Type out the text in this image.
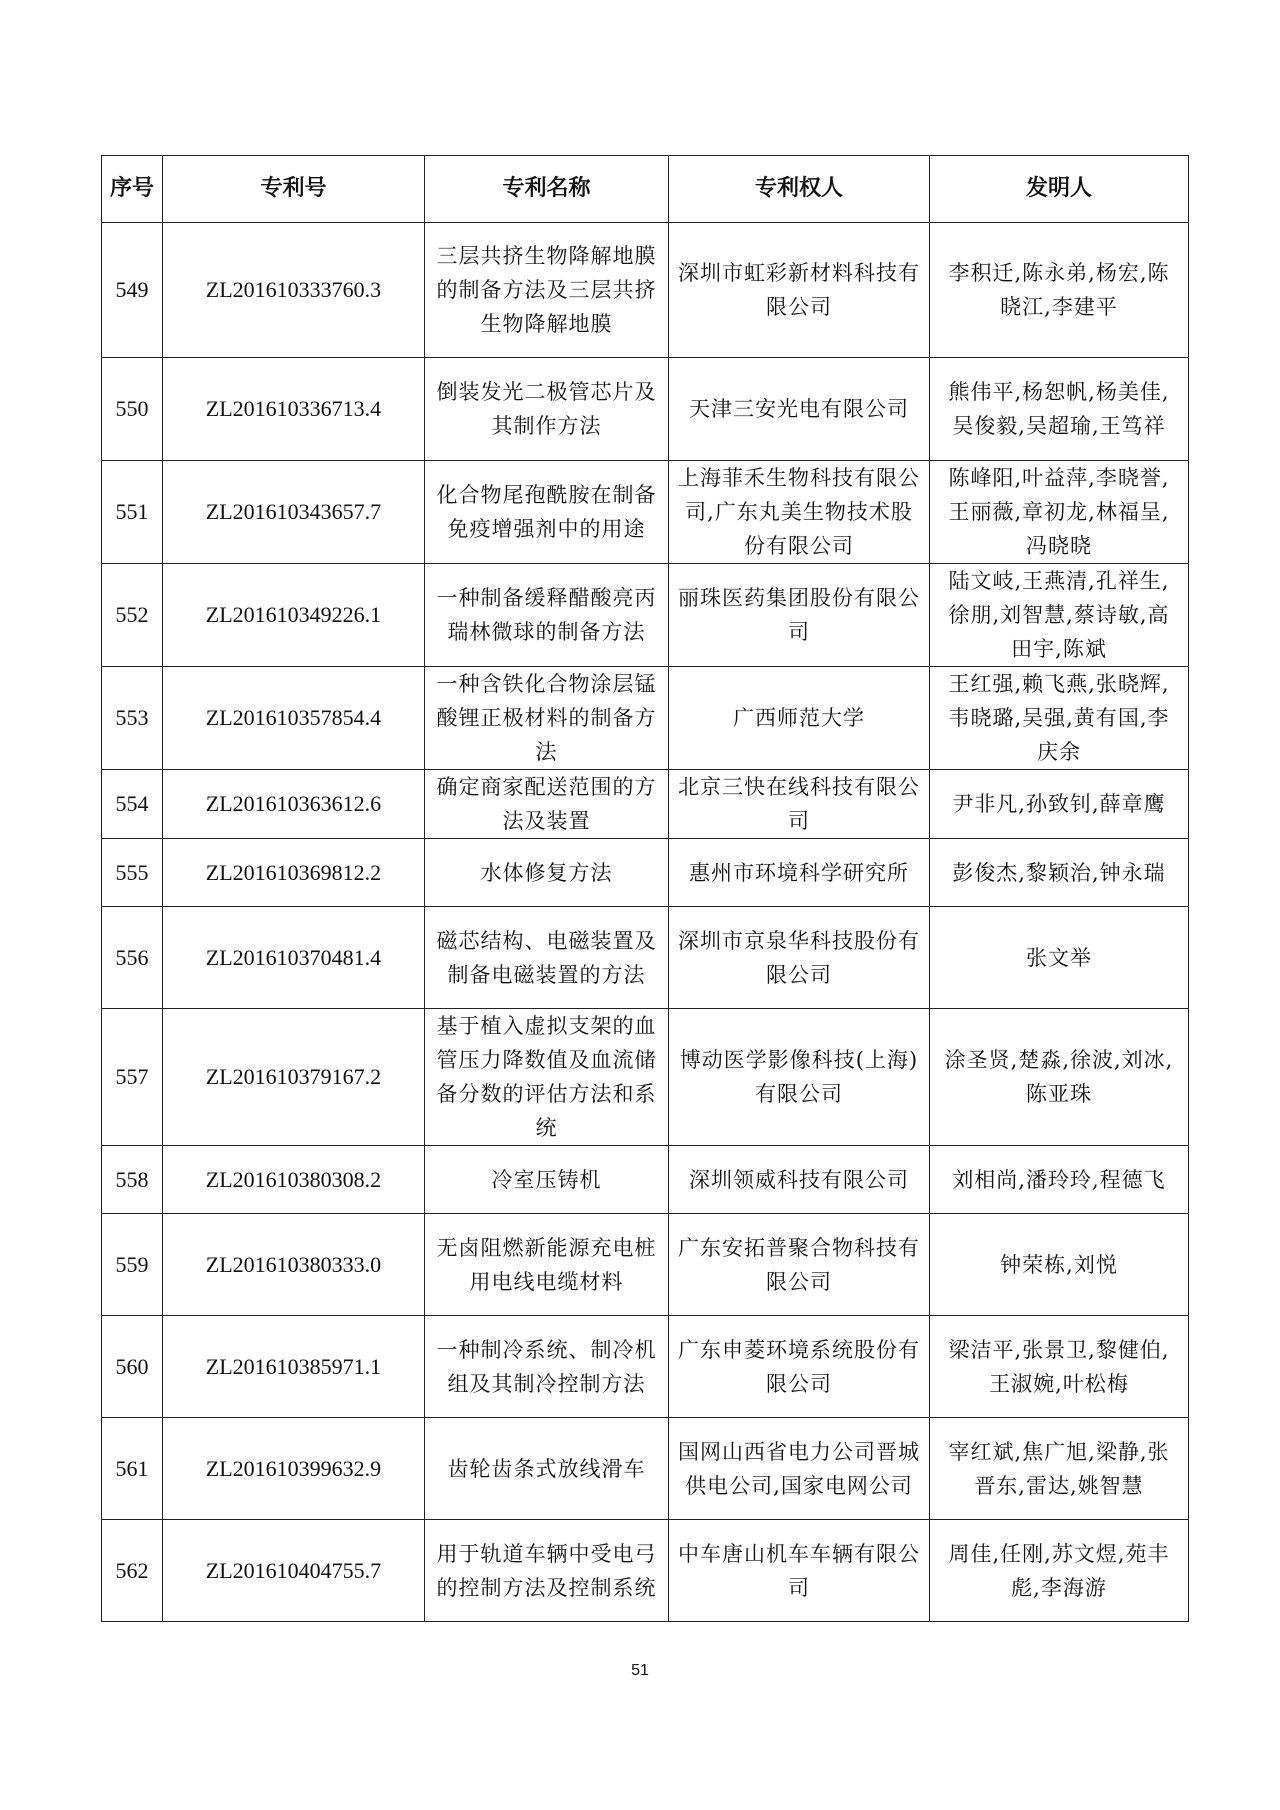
序号	专利号	专利名称	专利权人	发明人
549	ZL201610333760.3	三层共挤生物降解地膜的制备方法及三层共挤生物降解地膜	深圳市虹彩新材料科技有限公司	李积迁,陈永弟,杨宏,陈晓江,李建平
550	ZL201610336713.4	倒装发光二极管芯片及其制作方法	天津三安光电有限公司	熊伟平,杨恕帆,杨美佳,吴俊毅,吴超瑜,王笃祥
551	ZL201610343657.7	化合物尾孢酰胺在制备免疫增强剂中的用途	上海菲禾生物科技有限公司,广东丸美生物技术股份有限公司	陈峰阳,叶益萍,李晓誉,王丽薇,章初龙,林福呈,冯晓晓
552	ZL201610349226.1	一种制备缓释醋酸亮丙瑞林微球的制备方法	丽珠医药集团股份有限公司	陆文岐,王燕清,孔祥生,徐朋,刘智慧,蔡诗敏,高田宇,陈斌
553	ZL201610357854.4	一种含铁化合物涂层锰酸锂正极材料的制备方法	广西师范大学	王红强,赖飞燕,张晓辉,韦晓璐,吴强,黄有国,李庆余
554	ZL201610363612.6	确定商家配送范围的方法及装置	北京三快在线科技有限公司	尹非凡,孙致钊,薛章鹰
555	ZL201610369812.2	水体修复方法	惠州市环境科学研究所	彭俊杰,黎颖治,钟永瑞
556	ZL201610370481.4	磁芯结构、电磁装置及制备电磁装置的方法	深圳市京泉华科技股份有限公司	张文举
557	ZL201610379167.2	基于植入虚拟支架的血管压力降数值及血流储备分数的评估方法和系统	博动医学影像科技(上海)有限公司	涂圣贤,楚淼,徐波,刘冰,陈亚珠
558	ZL201610380308.2	冷室压铸机	深圳领威科技有限公司	刘相尚,潘玲玲,程德飞
559	ZL201610380333.0	无卤阻燃新能源充电桩用电线电缆材料	广东安拓普聚合物科技有限公司	钟荣栋,刘悦
560	ZL201610385971.1	一种制冷系统、制冷机组及其制冷控制方法	广东申菱环境系统股份有限公司	梁洁平,张景卫,黎健伯,王淑婉,叶松梅
561	ZL201610399632.9	齿轮齿条式放线滑车	国网山西省电力公司晋城供电公司,国家电网公司	宰红斌,焦广旭,梁静,张晋东,雷达,姚智慧
562	ZL201610404755.7	用于轨道车辆中受电弓的控制方法及控制系统	中车唐山机车车辆有限公司	周佳,任刚,苏文煜,苑丰彪,李海游
51
